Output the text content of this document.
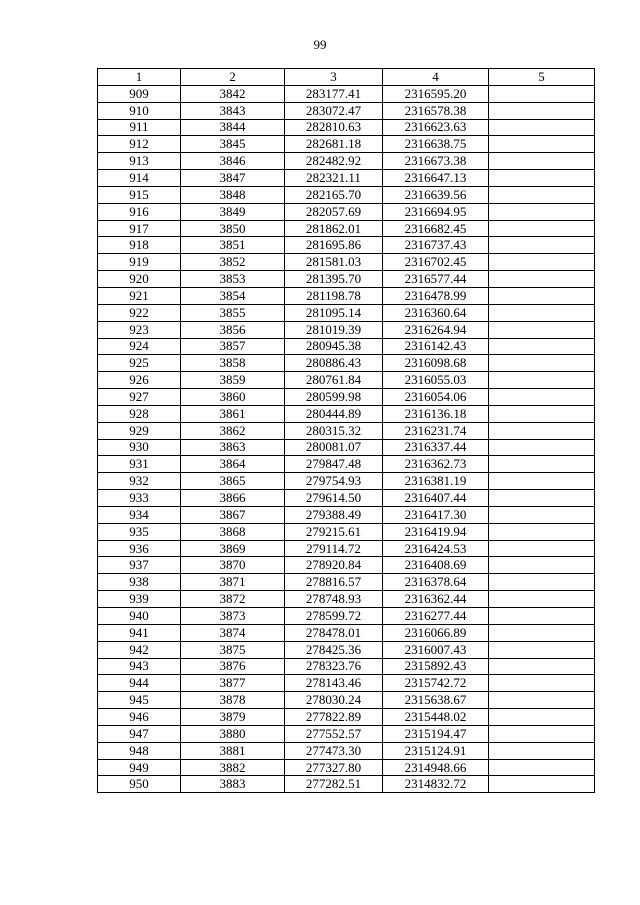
99
1	2	3	4	5
909	3842	283177.41	2316595.20	
910	3843	283072.47	2316578.38	
911	3844	282810.63	2316623.63	
912	3845	282681.18	2316638.75	
913	3846	282482.92	2316673.38	
914	3847	282321.11	2316647.13	
915	3848	282165.70	2316639.56	
916	3849	282057.69	2316694.95	
917	3850	281862.01	2316682.45	
918	3851	281695.86	2316737.43	
919	3852	281581.03	2316702.45	
920	3853	281395.70	2316577.44	
921	3854	281198.78	2316478.99	
922	3855	281095.14	2316360.64	
923	3856	281019.39	2316264.94	
924	3857	280945.38	2316142.43	
925	3858	280886.43	2316098.68	
926	3859	280761.84	2316055.03	
927	3860	280599.98	2316054.06	
928	3861	280444.89	2316136.18	
929	3862	280315.32	2316231.74	
930	3863	280081.07	2316337.44	
931	3864	279847.48	2316362.73	
932	3865	279754.93	2316381.19	
933	3866	279614.50	2316407.44	
934	3867	279388.49	2316417.30	
935	3868	279215.61	2316419.94	
936	3869	279114.72	2316424.53	
937	3870	278920.84	2316408.69	
938	3871	278816.57	2316378.64	
939	3872	278748.93	2316362.44	
940	3873	278599.72	2316277.44	
941	3874	278478.01	2316066.89	
942	3875	278425.36	2316007.43	
943	3876	278323.76	2315892.43	
944	3877	278143.46	2315742.72	
945	3878	278030.24	2315638.67	
946	3879	277822.89	2315448.02	
947	3880	277552.57	2315194.47	
948	3881	277473.30	2315124.91	
949	3882	277327.80	2314948.66	
950	3883	277282.51	2314832.72	
